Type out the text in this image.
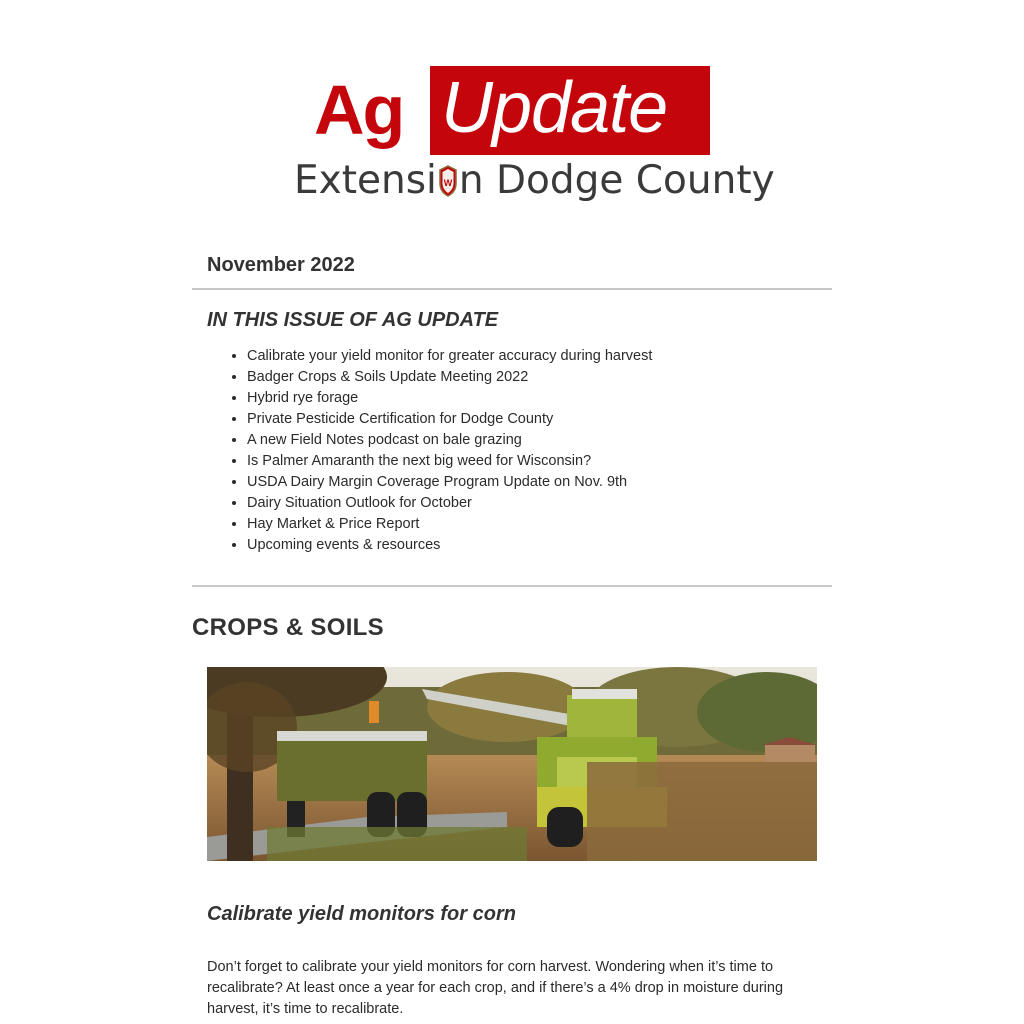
Ag Update
Extensi W n Dodge County
November 2022
IN THIS ISSUE OF AG UPDATE
• Calibrate your yield monitor for greater accuracy during harvest
• Badger Crops & Soils Update Meeting 2022
• Hybrid rye forage
• Private Pesticide Certification for Dodge County
• A new Field Notes podcast on bale grazing
• Is Palmer Amaranth the next big weed for Wisconsin?
• USDA Dairy Margin Coverage Program Update on Nov. 9th
• Dairy Situation Outlook for October
• Hay Market & Price Report
• Upcoming events & resources
CROPS & SOILS
Calibrate yield monitors for corn

Don’t forget to calibrate your yield monitors for corn harvest. Wondering when it’s time to recalibrate? At least once a year for each crop, and if there’s a 4% drop in moisture during harvest, it’s time to recalibrate.
